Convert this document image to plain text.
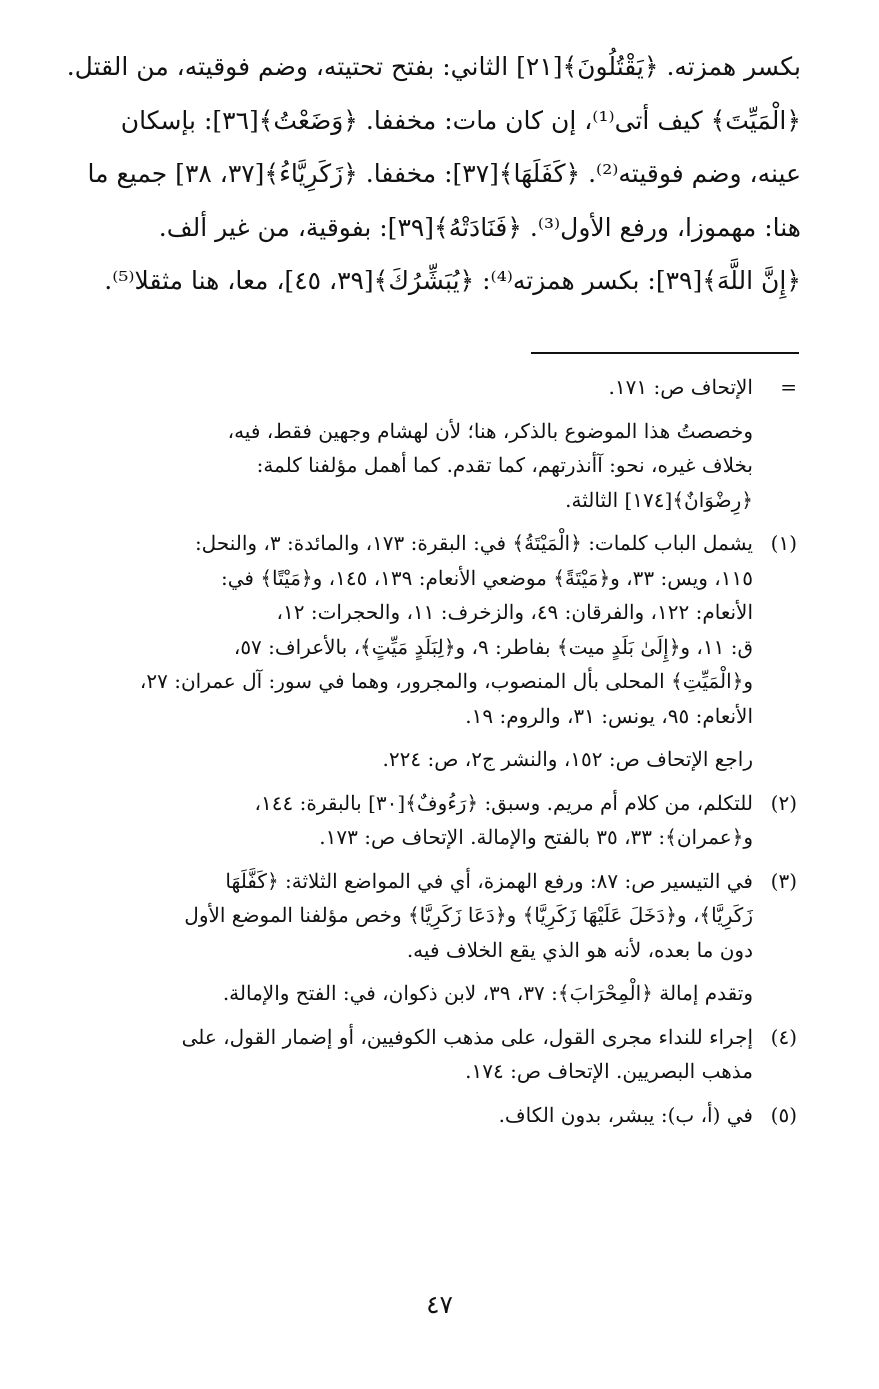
بكسر همزته. ﴿يَقْتُلُونَ﴾[٢١] الثاني: بفتح تحتيته، وضم فوقيته، من القتل.
﴿الْمَيِّتَ﴾ كيف أتى⁽¹⁾، إن كان مات: مخففا. ﴿وَضَعْتُ﴾[٣٦]: بإسكان
عينه، وضم فوقيته⁽²⁾. ﴿كَفَلَهَا﴾[٣٧]: مخففا. ﴿زَكَرِيَّاءُ﴾[٣٧، ٣٨] جميع ما
هنا: مهموزا، ورفع الأول⁽³⁾. ﴿فَنَادَتْهُ﴾[٣٩]: بفوقية، من غير ألف.
﴿إِنَّ اللَّهَ﴾[٣٩]: بكسر همزته⁽⁴⁾: ﴿يُبَشِّرُكَ﴾[٣٩، ٤٥]، معا، هنا مثقلا⁽⁵⁾.
=
الإتحاف ص: ١٧١.
وخصصتُ هذا الموضوع بالذكر، هنا؛ لأن لهشام وجهين فقط، فيه،
بخلاف غيره، نحو: آأنذرتهم، كما تقدم. كما أهمل مؤلفنا كلمة:
﴿رِضْوَانٌ﴾[١٧٤] الثالثة.
(١)
يشمل الباب كلمات: ﴿الْمَيْتَةُ﴾ في: البقرة: ١٧٣، والمائدة: ٣، والنحل:
١١٥، ويس: ٣٣، و﴿مَيْتَةً﴾ موضعي الأنعام: ١٣٩، ١٤٥، و﴿مَيْتًا﴾ في:
الأنعام: ١٢٢، والفرقان: ٤٩، والزخرف: ١١، والحجرات: ١٢،
ق: ١١، و﴿إِلَىٰ بَلَدٍ ميت﴾ بفاطر: ٩، و﴿لِبَلَدٍ مَيِّتٍ﴾، بالأعراف: ٥٧،
و﴿الْمَيِّتِ﴾ المحلى بأل المنصوب، والمجرور، وهما في سور: آل عمران: ٢٧،
الأنعام: ٩٥، يونس: ٣١، والروم: ١٩.
راجع الإتحاف ص: ١٥٢، والنشر ج٢، ص: ٢٢٤.
(٢)
للتكلم، من كلام أم مريم. وسبق: ﴿رَءُوفٌ﴾[٣٠] بالبقرة: ١٤٤،
و﴿عمران﴾: ٣٣، ٣٥ بالفتح والإمالة. الإتحاف ص: ١٧٣.
(٣)
في التيسير ص: ٨٧: ورفع الهمزة، أي في المواضع الثلاثة: ﴿كَفَّلَهَا
زَكَرِيَّا﴾، و﴿دَخَلَ عَلَيْهَا زَكَرِيَّا﴾ و﴿دَعَا زَكَرِيَّا﴾ وخص مؤلفنا الموضع الأول
دون ما بعده، لأنه هو الذي يقع الخلاف فيه.
وتقدم إمالة ﴿الْمِحْرَابَ﴾: ٣٧، ٣٩، لابن ذكوان، في: الفتح والإمالة.
(٤)
إجراء للنداء مجرى القول، على مذهب الكوفيين، أو إضمار القول، على
مذهب البصريين. الإتحاف ص: ١٧٤.
(٥)
في (أ، ب): يبشر، بدون الكاف.
٤٧
